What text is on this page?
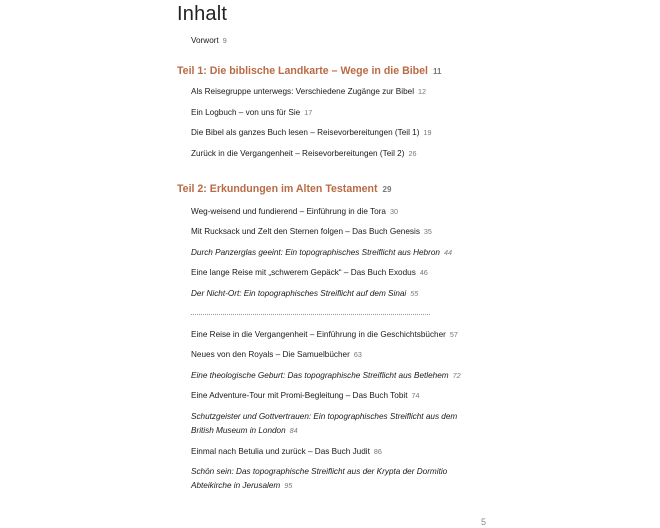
Inhalt
Vorwort 9
Teil 1: Die biblische Landkarte – Wege in die Bibel 11
Als Reisegruppe unterwegs: Verschiedene Zugänge zur Bibel 12
Ein Logbuch – von uns für Sie 17
Die Bibel als ganzes Buch lesen – Reisevorbereitungen (Teil 1) 19
Zurück in die Vergangenheit – Reisevorbereitungen (Teil 2) 26
Teil 2: Erkundungen im Alten Testament 29
Weg-weisend und fundierend – Einführung in die Tora 30
Mit Rucksack und Zelt den Sternen folgen – Das Buch Genesis 35
Durch Panzerglas geeint: Ein topographisches Streiflicht aus Hebron 44
Eine lange Reise mit „schwerem Gepäck“ – Das Buch Exodus 46
Der Nicht-Ort: Ein topographisches Streiflicht auf dem Sinai 55
Eine Reise in die Vergangenheit – Einführung in die Geschichtsbücher 57
Neues von den Royals – Die Samuelbücher 63
Eine theologische Geburt: Das topographische Streiflicht aus Betlehem 72
Eine Adventure-Tour mit Promi-Begleitung – Das Buch Tobit 74
Schutzgeister und Gottvertrauen: Ein topographisches Streiflicht aus dem
British Museum in London 84
Einmal nach Betulia und zurück – Das Buch Judit 86
Schön sein: Das topographische Streiflicht aus der Krypta der Dormitio
Abteikirche in Jerusalem 95
5
